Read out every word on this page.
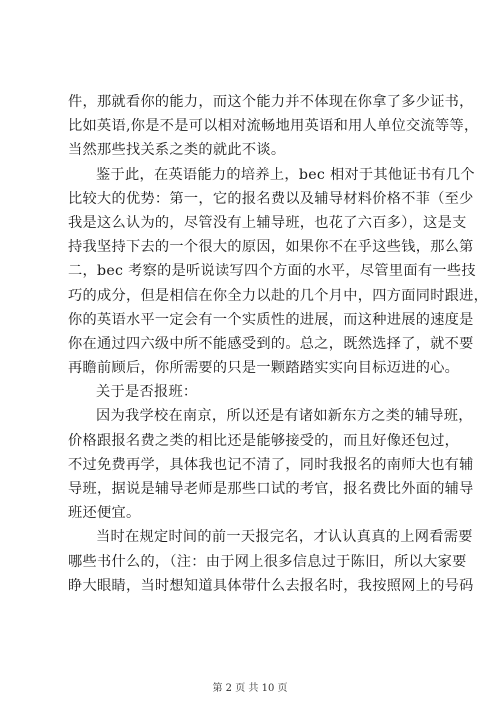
件，那就看你的能力，而这个能力并不体现在你拿了多少证书，
比如英语,你是不是可以相对流畅地用英语和用人单位交流等等，
当然那些找关系之类的就此不谈。
鉴于此，在英语能力的培养上，bec 相对于其他证书有几个
比较大的优势：第一，它的报名费以及辅导材料价格不菲（至少
我是这么认为的，尽管没有上辅导班，也花了六百多），这是支
持我坚持下去的一个很大的原因，如果你不在乎这些钱，那么第
二，bec 考察的是听说读写四个方面的水平，尽管里面有一些技
巧的成分，但是相信在你全力以赴的几个月中，四方面同时跟进，
你的英语水平一定会有一个实质性的进展，而这种进展的速度是
你在通过四六级中所不能感受到的。总之，既然选择了，就不要
再瞻前顾后，你所需要的只是一颗踏踏实实向目标迈进的心。
关于是否报班：
因为我学校在南京，所以还是有诸如新东方之类的辅导班，
价格跟报名费之类的相比还是能够接受的，而且好像还包过，
不过免费再学，具体我也记不清了，同时我报名的南师大也有辅
导班，据说是辅导老师是那些口试的考官，报名费比外面的辅导
班还便宜。
当时在规定时间的前一天报完名，才认认真真的上网看需要
哪些书什么的，（注：由于网上很多信息过于陈旧，所以大家要
睁大眼睛，当时想知道具体带什么去报名时，我按照网上的号码
第 2 页 共 10 页
